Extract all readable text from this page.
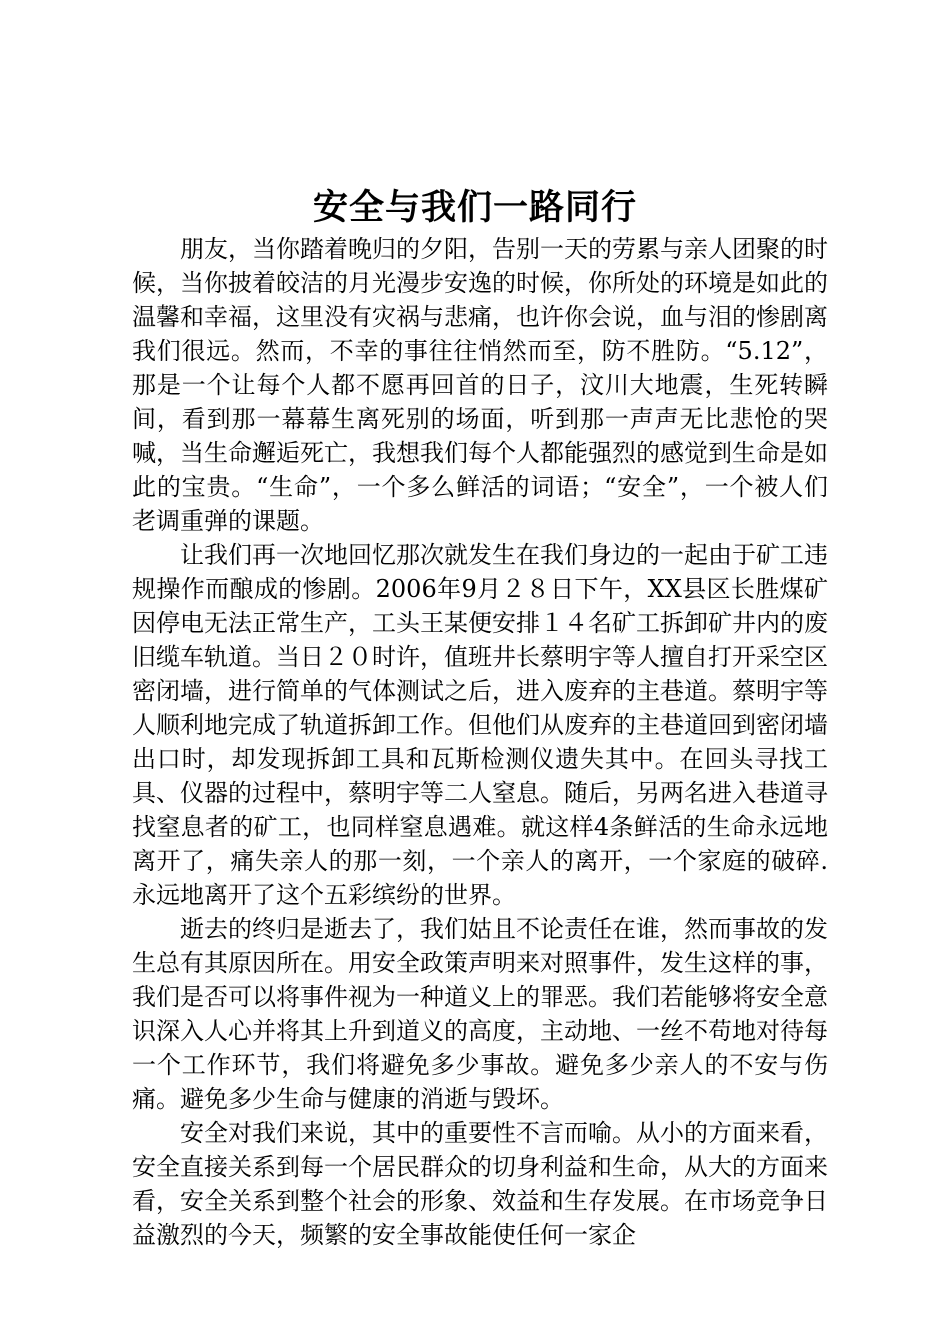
安全与我们一路同行

朋友，当你踏着晚归的夕阳，告别一天的劳累与亲人团聚的时候，当你披着皎洁的月光漫步安逸的时候，你所处的环境是如此的温馨和幸福，这里没有灾祸与悲痛，也许你会说，血与泪的惨剧离我们很远。然而，不幸的事往往悄然而至，防不胜防。“5.12”，那是一个让每个人都不愿再回首的日子，汶川大地震，生死转瞬间，看到那一幕幕生离死别的场面，听到那一声声无比悲怆的哭喊，当生命邂逅死亡，我想我们每个人都能强烈的感觉到生命是如此的宝贵。“生命”，一个多么鲜活的词语；“安全”，一个被人们老调重弹的课题。

让我们再一次地回忆那次就发生在我们身边的一起由于矿工违规操作而酿成的惨剧。2006年9月２８日下午，XX县区长胜煤矿因停电无法正常生产，工头王某便安排１４名矿工拆卸矿井内的废旧缆车轨道。当日２０时许，值班井长蔡明宇等人擅自打开采空区密闭墙，进行简单的气体测试之后，进入废弃的主巷道。蔡明宇等人顺利地完成了轨道拆卸工作。但他们从废弃的主巷道回到密闭墙出口时，却发现拆卸工具和瓦斯检测仪遗失其中。在回头寻找工具、仪器的过程中，蔡明宇等二人窒息。随后，另两名进入巷道寻找窒息者的矿工，也同样窒息遇难。就这样4条鲜活的生命永远地离开了，痛失亲人的那一刻，一个亲人的离开，一个家庭的破碎.永远地离开了这个五彩缤纷的世界。

逝去的终归是逝去了，我们姑且不论责任在谁，然而事故的发生总有其原因所在。用安全政策声明来对照事件，发生这样的事，我们是否可以将事件视为一种道义上的罪恶。我们若能够将安全意识深入人心并将其上升到道义的高度，主动地、一丝不苟地对待每一个工作环节，我们将避免多少事故。避免多少亲人的不安与伤痛。避免多少生命与健康的消逝与毁坏。

安全对我们来说，其中的重要性不言而喻。从小的方面来看，安全直接关系到每一个居民群众的切身利益和生命，从大的方面来看，安全关系到整个社会的形象、效益和生存发展。在市场竞争日益激烈的今天，频繁的安全事故能使任何一家企
